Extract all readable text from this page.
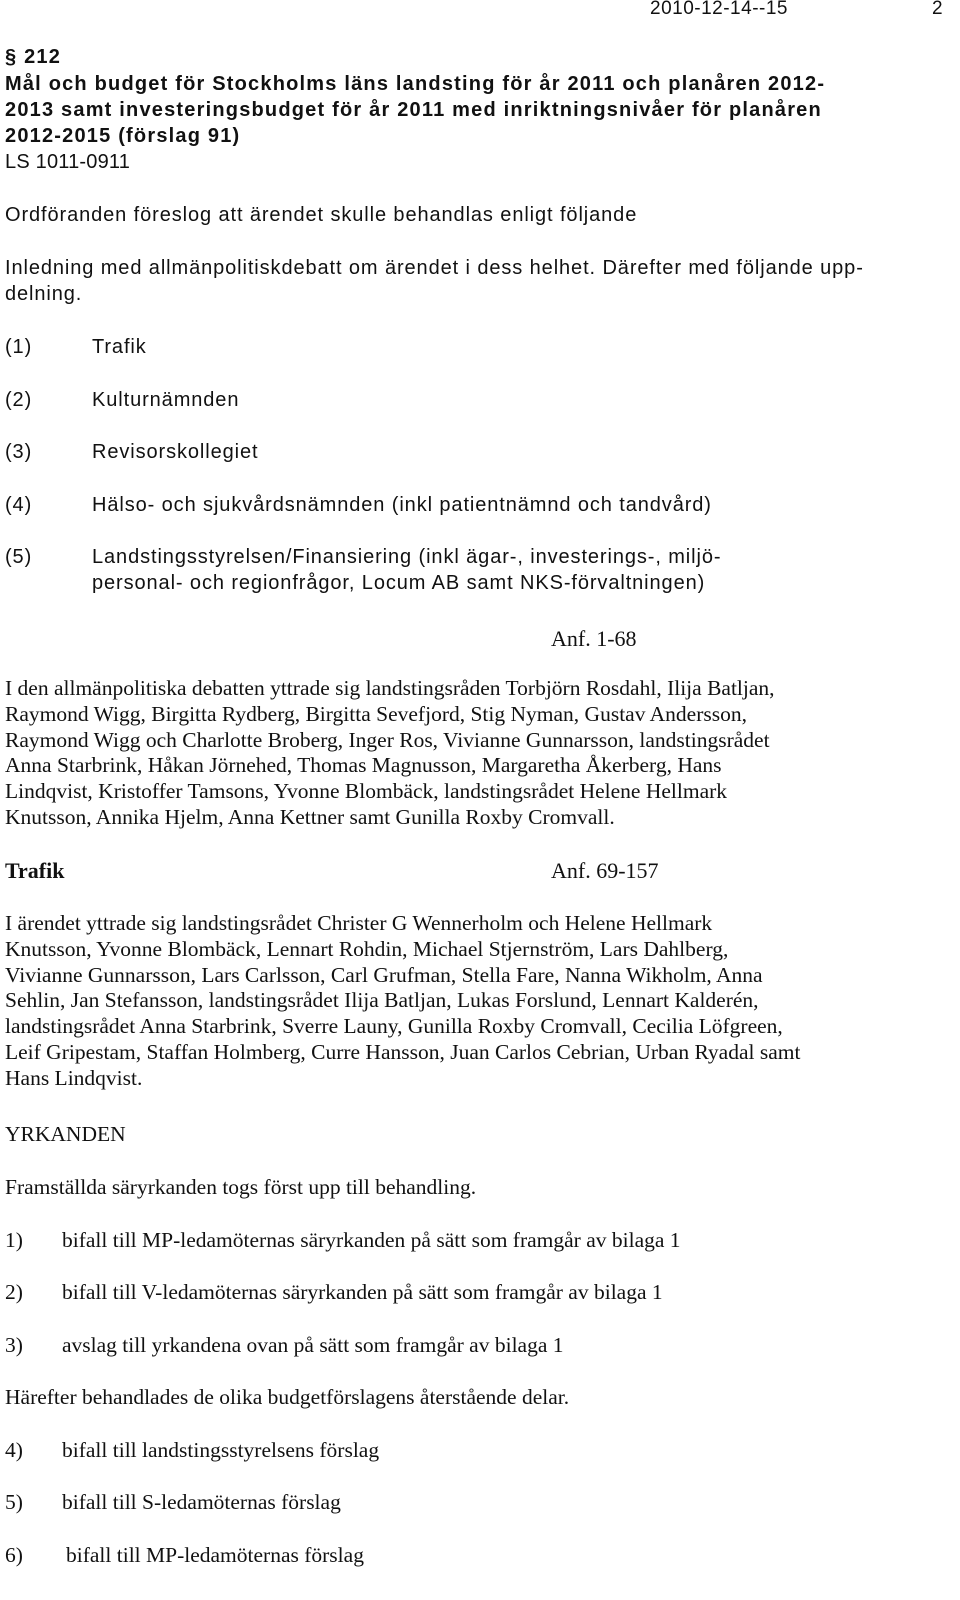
2010-12-14--15	2
§ 212
Mål och budget för Stockholms läns landsting för år 2011 och planåren 2012-
2013 samt investeringsbudget för år 2011 med inriktningsnivåer för planåren
2012-2015 (förslag 91)
LS 1011-0911
Ordföranden föreslog att ärendet skulle behandlas enligt följande
Inledning med allmänpolitiskdebatt om ärendet i dess helhet. Därefter med följande upp-
delning.
(1)	Trafik
(2)	Kulturnämnden
(3)	Revisorskollegiet
(4)	Hälso- och sjukvårdsnämnden (inkl patientnämnd och tandvård)
(5)	Landstingsstyrelsen/Finansiering (inkl ägar-, investerings-, miljö-
personal- och regionfrågor, Locum AB samt NKS-förvaltningen)
Anf. 1-68
I den allmänpolitiska debatten yttrade sig landstingsråden Torbjörn Rosdahl, Ilija Batljan,
Raymond Wigg, Birgitta Rydberg, Birgitta Sevefjord, Stig Nyman, Gustav Andersson,
Raymond Wigg och Charlotte Broberg, Inger Ros, Vivianne Gunnarsson, landstingsrådet
Anna Starbrink, Håkan Jörnehed, Thomas Magnusson, Margaretha Åkerberg, Hans
Lindqvist, Kristoffer Tamsons, Yvonne Blombäck, landstingsrådet Helene Hellmark
Knutsson, Annika Hjelm, Anna Kettner samt Gunilla Roxby Cromvall.
Trafik	Anf. 69-157
I ärendet yttrade sig landstingsrådet Christer G Wennerholm och Helene Hellmark
Knutsson, Yvonne Blombäck, Lennart Rohdin, Michael Stjernström, Lars Dahlberg,
Vivianne Gunnarsson, Lars Carlsson, Carl Grufman, Stella Fare, Nanna Wikholm, Anna
Sehlin, Jan Stefansson, landstingsrådet Ilija Batljan, Lukas Forslund, Lennart Kalderén,
landstingsrådet Anna Starbrink, Sverre Launy, Gunilla Roxby Cromvall, Cecilia Löfgreen,
Leif Gripestam, Staffan Holmberg, Curre Hansson, Juan Carlos Cebrian, Urban Ryadal samt
Hans Lindqvist.
YRKANDEN
Framställda säryrkanden togs först upp till behandling.
1) bifall till MP-ledamöternas säryrkanden på sätt som framgår av bilaga 1
2) bifall till V-ledamöternas säryrkanden på sätt som framgår av bilaga 1
3) avslag till yrkandena ovan på sätt som framgår av bilaga 1
Härefter behandlades de olika budgetförslagens återstående delar.
4) bifall till landstingsstyrelsens förslag
5) bifall till S-ledamöternas förslag
6) bifall till MP-ledamöternas förslag
